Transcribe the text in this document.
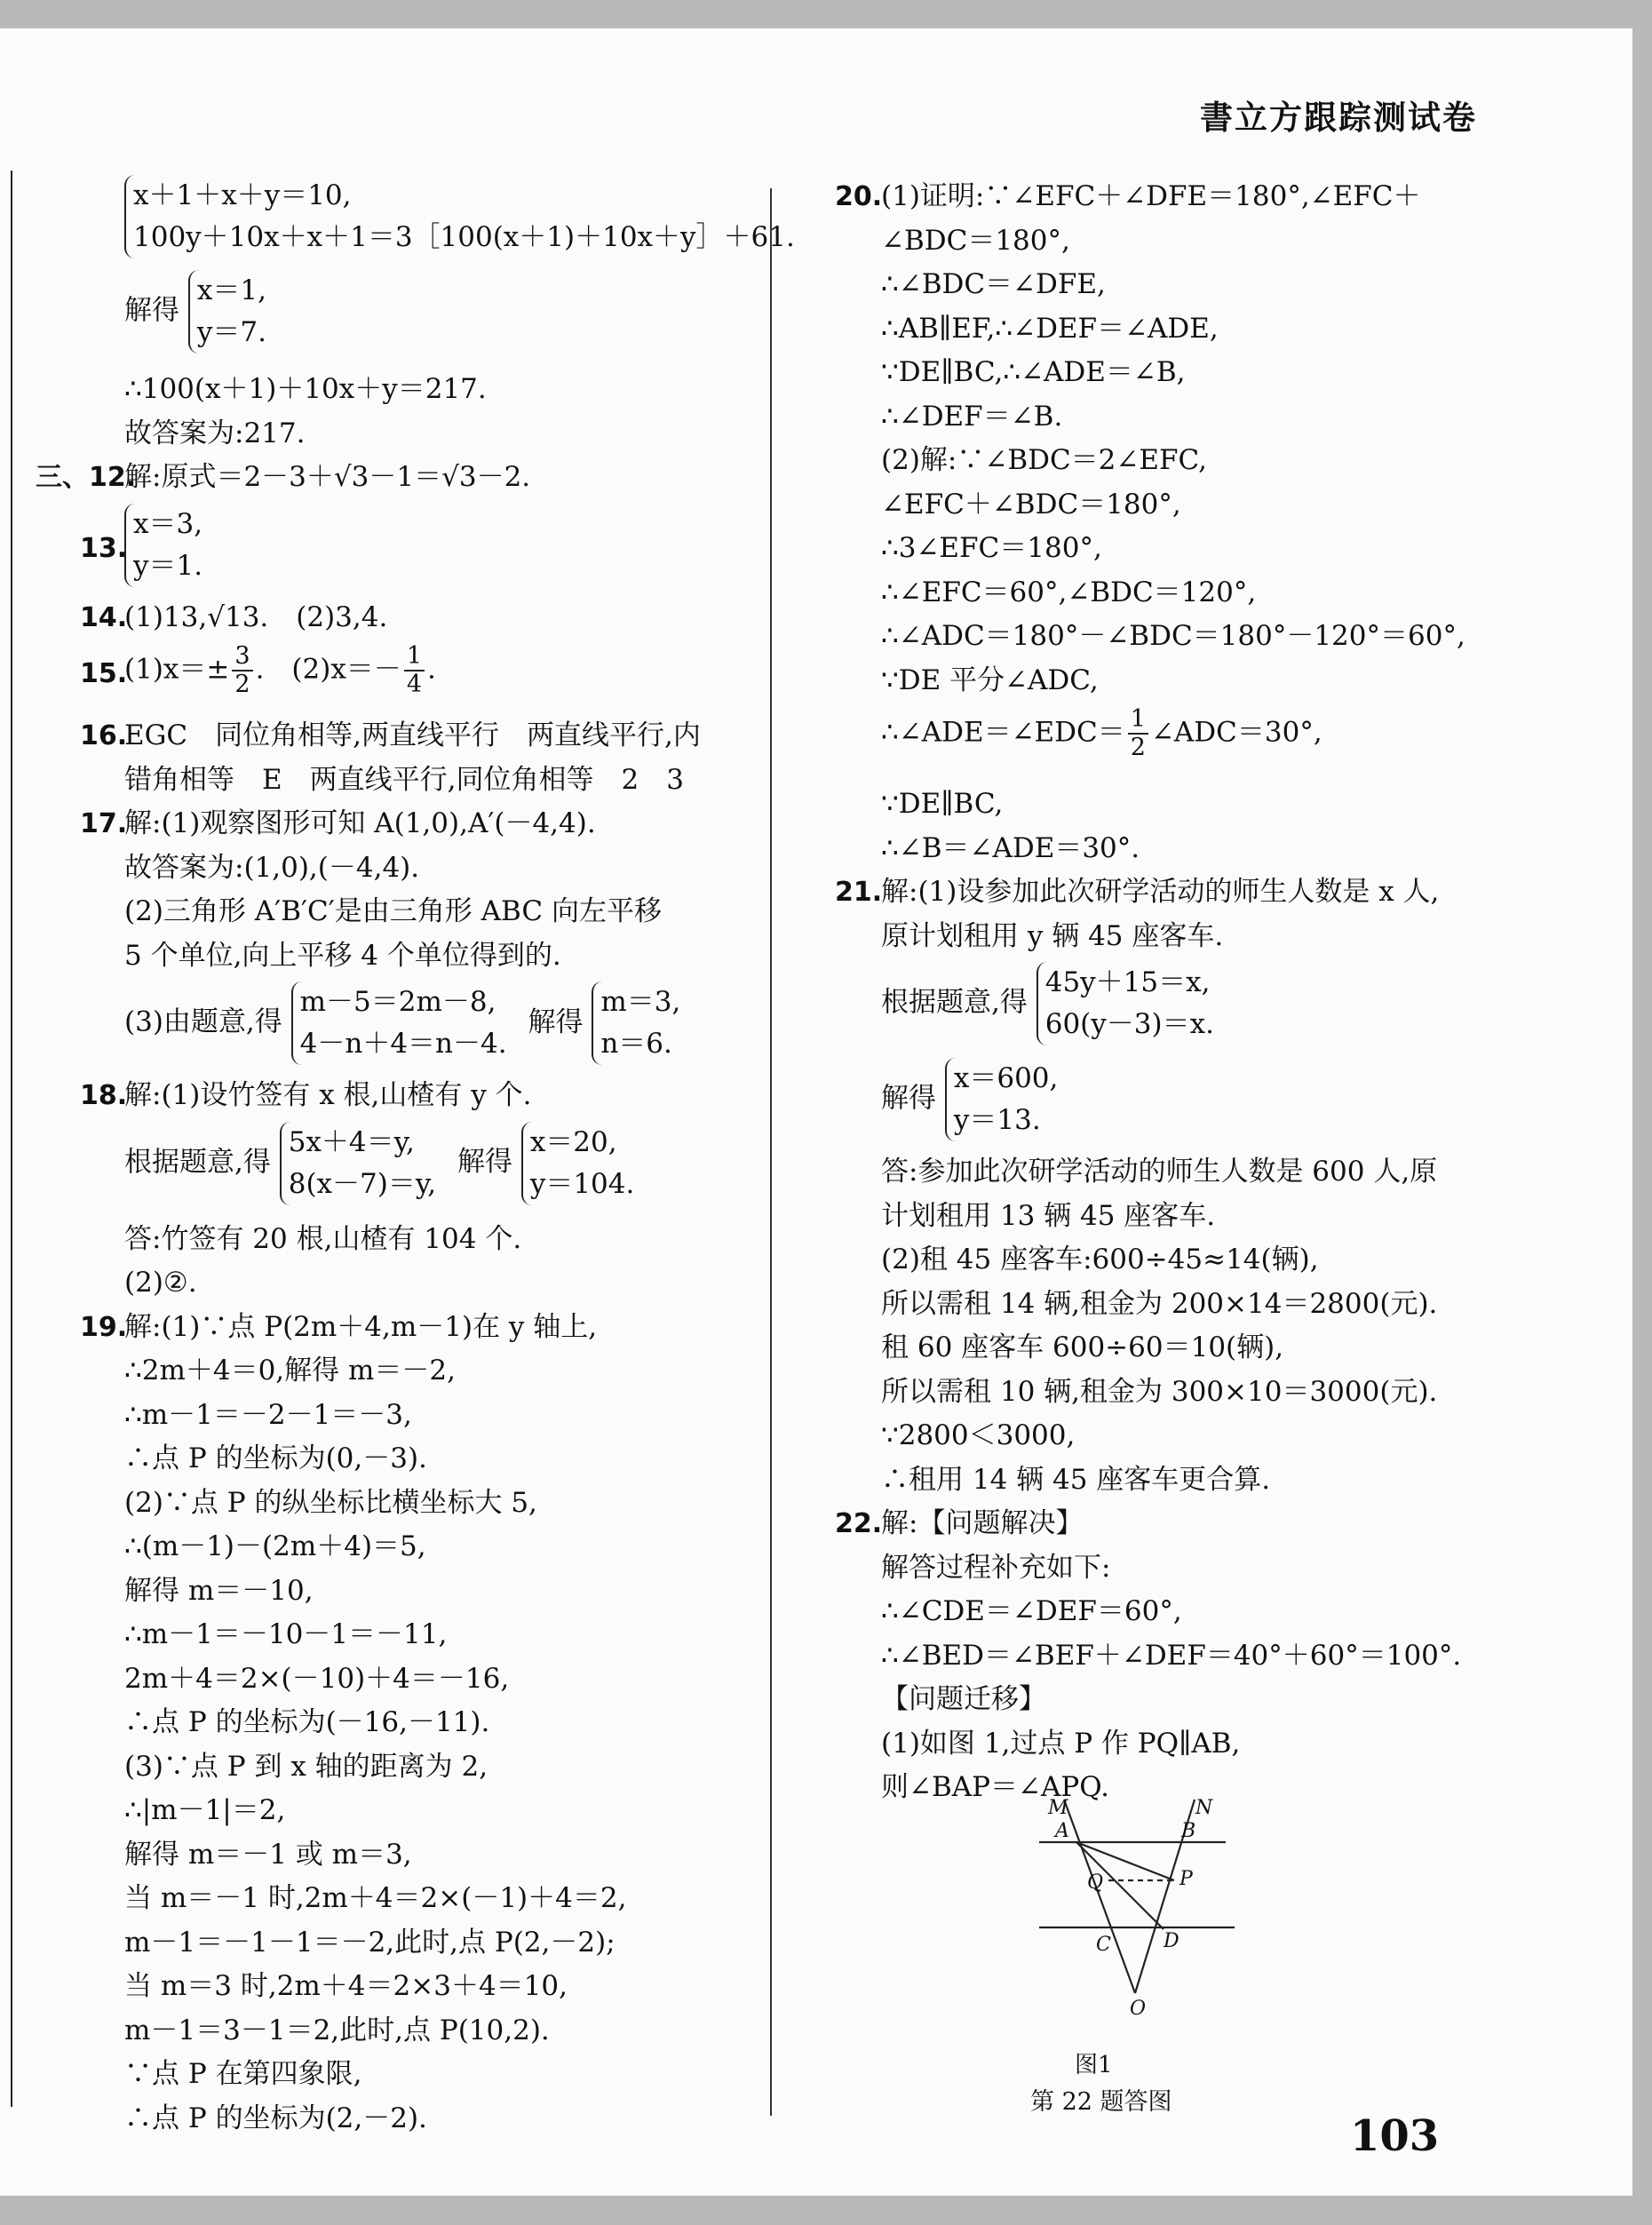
書立方跟踪测试卷
x＋1＋x＋y＝10,
100y＋10x＋x＋1＝3［100(x＋1)＋10x＋y］＋61.
解得
x＝1,
y＝7.
∴100(x＋1)＋10x＋y＝217.
故答案为:217.
三、12.
解:原式＝2－3＋√3－1＝√3－2.
13.
x＝3,
y＝1.
14.
(1)13,√13.　(2)3,4.
15.
$(1)x=\pm \frac{3}{2}$ .　$(2)x=- \frac{1}{4}$ .
16.
EGC　同位角相等,两直线平行　两直线平行,内
错角相等　E　两直线平行,同位角相等　2　3
17.
解:(1)观察图形可知 A(1,0),A′(－4,4).
故答案为:(1,0),(－4,4).
(2)三角形 A′B′C′是由三角形 ABC 向左平移
5 个单位,向上平移 4 个单位得到的.
(3)由题意,得
m－5＝2m－8,
4－n＋4＝n－4.
解得
m＝3,
n＝6.
18.
解:(1)设竹签有 x 根,山楂有 y 个.
根据题意,得
5x＋4＝y,
8(x－7)＝y,
解得
x＝20,
y＝104.
答:竹签有 20 根,山楂有 104 个.
(2)②.
19.
解:(1)∵点 P(2m＋4,m－1)在 y 轴上,
∴2m＋4＝0,解得 m＝－2,
∴m－1＝－2－1＝－3,
∴点 P 的坐标为(0,－3).
(2)∵点 P 的纵坐标比横坐标大 5,
∴(m－1)－(2m＋4)＝5,
解得 m＝－10,
∴m－1＝－10－1＝－11,
2m＋4＝2×(－10)＋4＝－16,
∴点 P 的坐标为(－16,－11).
(3)∵点 P 到 x 轴的距离为 2,
∴|m－1|＝2,
解得 m＝－1 或 m＝3,
当 m＝－1 时,2m＋4＝2×(－1)＋4＝2,
m－1＝－1－1＝－2,此时,点 P(2,－2);
当 m＝3 时,2m＋4＝2×3＋4＝10,
m－1＝3－1＝2,此时,点 P(10,2).
∵点 P 在第四象限,
∴点 P 的坐标为(2,－2).
20.
(1)证明:∵∠EFC＋∠DFE＝180°,∠EFC＋
∠BDC＝180°,
∴∠BDC＝∠DFE,
∴AB∥EF,∴∠DEF＝∠ADE,
∵DE∥BC,∴∠ADE＝∠B,
∴∠DEF＝∠B.
(2)解:∵∠BDC＝2∠EFC,
∠EFC＋∠BDC＝180°,
∴3∠EFC＝180°,
∴∠EFC＝60°,∠BDC＝120°,
∴∠ADC＝180°－∠BDC＝180°－120°＝60°,
∵DE 平分∠ADC,
∴∠ADE＝∠EDC＝ $\frac{1}{2}$ ∠ADC＝30°,
∵DE∥BC,
∴∠B＝∠ADE＝30°.
21.
解:(1)设参加此次研学活动的师生人数是 x 人,
原计划租用 y 辆 45 座客车.
根据题意,得
45y＋15＝x,
60(y－3)＝x.
解得
x＝600,
y＝13.
答:参加此次研学活动的师生人数是 600 人,原
计划租用 13 辆 45 座客车.
(2)租 45 座客车:600÷45≈14(辆),
所以需租 14 辆,租金为 200×14＝2800(元).
租 60 座客车 600÷60＝10(辆),
所以需租 10 辆,租金为 300×10＝3000(元).
∵2800＜3000,
∴租用 14 辆 45 座客车更合算.
22.
解:【问题解决】
解答过程补充如下:
∴∠CDE＝∠DEF＝60°,
∴∠BED＝∠BEF＋∠DEF＝40°＋60°＝100°.
【问题迁移】
(1)如图 1,过点 P 作 PQ∥AB,
则∠BAP＝∠APQ.
M	N
A	B
P
Q
C	D
O
图1
第 22 题答图
103
